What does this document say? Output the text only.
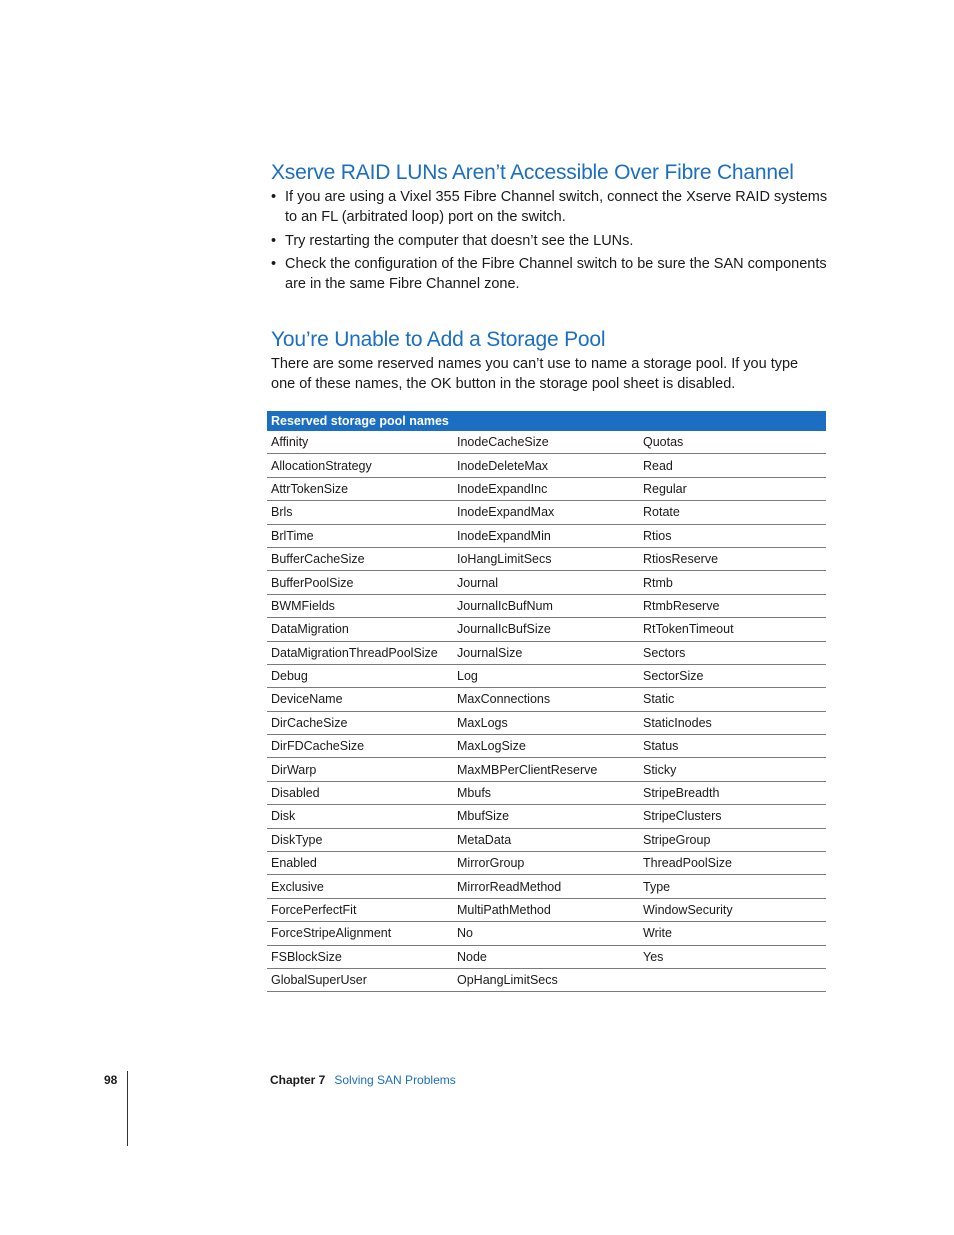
Xserve RAID LUNs Aren’t Accessible Over Fibre Channel
• If you are using a Vixel 355 Fibre Channel switch, connect the Xserve RAID systems to an FL (arbitrated loop) port on the switch.
• Try restarting the computer that doesn’t see the LUNs.
• Check the configuration of the Fibre Channel switch to be sure the SAN components are in the same Fibre Channel zone.
You’re Unable to Add a Storage Pool

There are some reserved names you can’t use to name a storage pool. If you type one of these names, the OK button in the storage pool sheet is disabled.

Reserved storage pool names		
Affinity	InodeCacheSize	Quotas
AllocationStrategy	InodeDeleteMax	Read
AttrTokenSize	InodeExpandInc	Regular
Brls	InodeExpandMax	Rotate
BrlTime	InodeExpandMin	Rtios
BufferCacheSize	IoHangLimitSecs	RtiosReserve
BufferPoolSize	Journal	Rtmb
BWMFields	JournalIcBufNum	RtmbReserve
DataMigration	JournalIcBufSize	RtTokenTimeout
DataMigrationThreadPoolSize	JournalSize	Sectors
Debug	Log	SectorSize
DeviceName	MaxConnections	Static
DirCacheSize	MaxLogs	StaticInodes
DirFDCacheSize	MaxLogSize	Status
DirWarp	MaxMBPerClientReserve	Sticky
Disabled	Mbufs	StripeBreadth
Disk	MbufSize	StripeClusters
DiskType	MetaData	StripeGroup
Enabled	MirrorGroup	ThreadPoolSize
Exclusive	MirrorReadMethod	Type
ForcePerfectFit	MultiPathMethod	WindowSecurity
ForceStripeAlignment	No	Write
FSBlockSize	Node	Yes
GlobalSuperUser	OpHangLimitSecs	
98	Chapter 7 Solving SAN Problems
